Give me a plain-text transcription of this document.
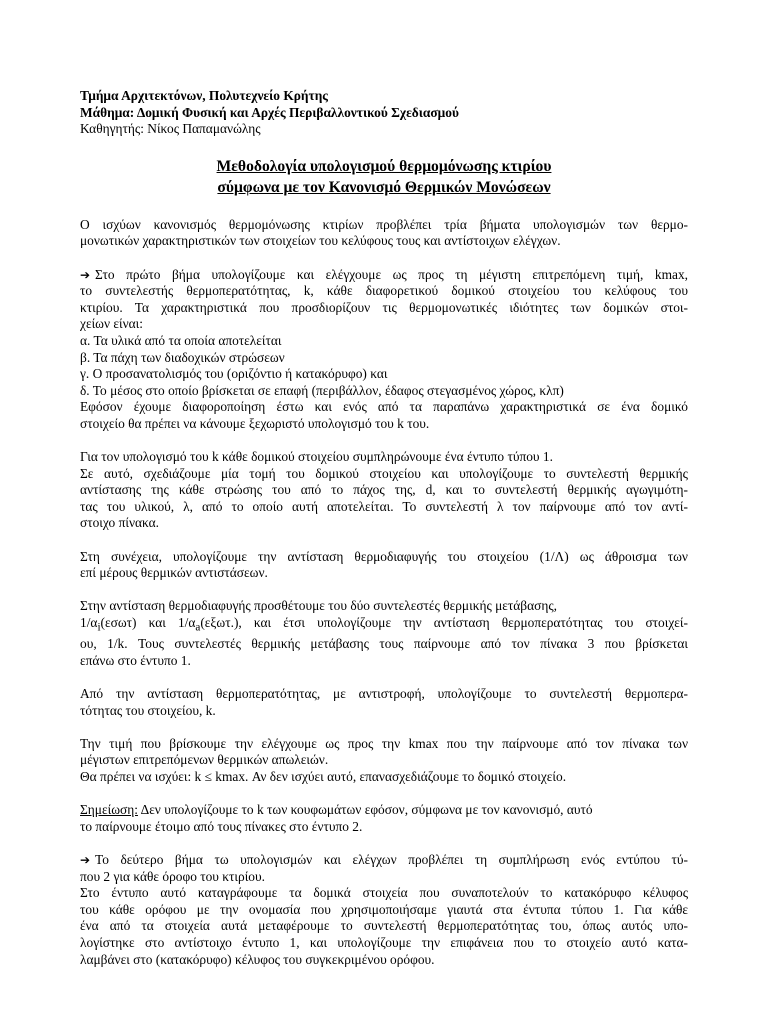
Τμήμα Αρχιτεκτόνων, Πολυτεχνείο Κρήτης
Μάθημα: Δομική Φυσική και Αρχές Περιβαλλοντικού Σχεδιασμού
Καθηγητής: Νίκος Παπαμανώλης
Μεθοδολογία υπολογισμού θερμομόνωσης κτιρίου
σύμφωνα με τον Κανονισμό Θερμικών Μονώσεων
Ο ισχύων κανονισμός θερμομόνωσης κτιρίων προβλέπει τρία βήματα υπολογισμών των θερμο-
μονωτικών χαρακτηριστικών των στοιχείων του κελύφους τους και αντίστοιχων ελέγχων.
➔ Στο πρώτο βήμα υπολογίζουμε και ελέγχουμε ως προς τη μέγιστη επιτρεπόμενη τιμή, kmax,
το συντελεστής θερμοπερατότητας, k, κάθε διαφορετικού δομικού στοιχείου του κελύφους του
κτιρίου. Τα χαρακτηριστικά που προσδιορίζουν τις θερμομονωτικές ιδιότητες των δομικών στοι-
χείων είναι:
α. Τα υλικά από τα οποία αποτελείται
β. Τα πάχη των διαδοχικών στρώσεων
γ. Ο προσανατολισμός του (οριζόντιο ή κατακόρυφο) και
δ. Το μέσος στο οποίο βρίσκεται σε επαφή (περιβάλλον, έδαφος στεγασμένος χώρος, κλπ)
Εφόσον έχουμε διαφοροποίηση έστω και ενός από τα παραπάνω χαρακτηριστικά σε ένα δομικό
στοιχείο θα πρέπει να κάνουμε ξεχωριστό υπολογισμό του k του.
Για τον υπολογισμό του k κάθε δομικού στοιχείου συμπληρώνουμε ένα έντυπο τύπου 1.
Σε αυτό, σχεδιάζουμε μία τομή του δομικού στοιχείου και υπολογίζουμε το συντελεστή θερμικής
αντίστασης της κάθε στρώσης του από το πάχος της, d, και το συντελεστή θερμικής αγωγιμότη-
τας του υλικού, λ, από το οποίο αυτή αποτελείται. Το συντελεστή λ τον παίρνουμε από τον αντί-
στοιχο πίνακα.
Στη συνέχεια, υπολογίζουμε την αντίσταση θερμοδιαφυγής του στοιχείου (1/Λ) ως άθροισμα των
επί μέρους θερμικών αντιστάσεων.
Στην αντίσταση θερμοδιαφυγής προσθέτουμε του δύο συντελεστές θερμικής μετάβασης,
$1/\alpha_i(\varepsilon\sigma\omega\tau)$ και $1/\alpha_a(\varepsilon\xi\omega\tau.)$, και έτσι υπολογίζουμε την αντίσταση θερμοπερατότητας του στοιχεί-
ου, 1/k. Τους συντελεστές θερμικής μετάβασης τους παίρνουμε από τον πίνακα 3 που βρίσκεται
επάνω στο έντυπο 1.
Από την αντίσταση θερμοπερατότητας, με αντιστροφή, υπολογίζουμε το συντελεστή θερμοπερα-
τότητας του στοιχείου, k.
Την τιμή που βρίσκουμε την ελέγχουμε ως προς την kmax που την παίρνουμε από τον πίνακα των
μέγιστων επιτρεπόμενων θερμικών απωλειών.
Θα πρέπει να ισχύει: k ≤ kmax. Αν δεν ισχύει αυτό, επανασχεδιάζουμε το δομικό στοιχείο.
Σημείωση: Δεν υπολογίζουμε το k των κουφωμάτων εφόσον, σύμφωνα με τον κανονισμό, αυτό
το παίρνουμε έτοιμο από τους πίνακες στο έντυπο 2.
➔ Το δεύτερο βήμα τω υπολογισμών και ελέγχων προβλέπει τη συμπλήρωση ενός εντύπου τύ-
που 2 για κάθε όροφο του κτιρίου.
Στο έντυπο αυτό καταγράφουμε τα δομικά στοιχεία που συναποτελούν το κατακόρυφο κέλυφος
του κάθε ορόφου με την ονομασία που χρησιμοποιήσαμε γιαυτά στα έντυπα τύπου 1. Για κάθε
ένα από τα στοιχεία αυτά μεταφέρουμε το συντελεστή θερμοπερατότητας του, όπως αυτός υπο-
λογίστηκε στο αντίστοιχο έντυπο 1, και υπολογίζουμε την επιφάνεια που το στοιχείο αυτό κατα-
λαμβάνει στο (κατακόρυφο) κέλυφος του συγκεκριμένου ορόφου.
